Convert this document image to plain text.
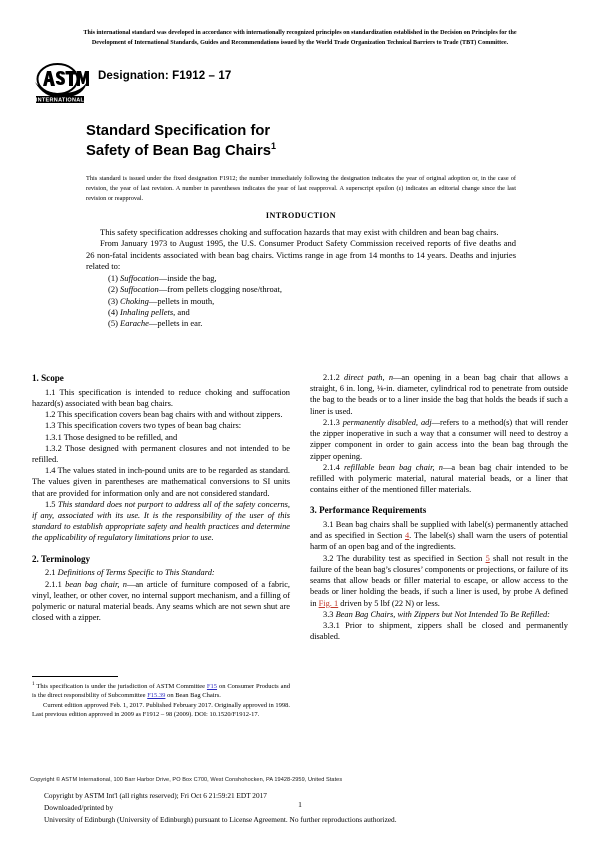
This international standard was developed in accordance with internationally recognized principles on standardization established in the Decision on Principles for the
Development of International Standards, Guides and Recommendations issued by the World Trade Organization Technical Barriers to Trade (TBT) Committee.
INTERNATIONAL
Designation: F1912 – 17
Standard Specification for
Safety of Bean Bag Chairs$^1$
This standard is issued under the fixed designation F1912; the number immediately following the designation indicates the year of original adoption or, in the case of revision, the year of last revision. A number in parentheses indicates the year of last reapproval. A superscript epsilon (ε) indicates an editorial change since the last revision or reapproval.
INTRODUCTION

This safety specification addresses choking and suffocation hazards that may exist with children and bean bag chairs.

From January 1973 to August 1995, the U.S. Consumer Product Safety Commission received reports of five deaths and 26 non-fatal incidents associated with bean bag chairs. Victims range in age from 14 months to 14 years. Deaths and injuries related to:

(1) Suffocation—inside the bag,
(2) Suffocation—from pellets clogging nose/throat,
(3) Choking—pellets in mouth,
(4) Inhaling pellets, and
(5) Earache—pellets in ear.
1. Scope

1.1 This specification is intended to reduce choking and suffocation hazard(s) associated with bean bag chairs.

1.2 This specification covers bean bag chairs with and without zippers.

1.3 This specification covers two types of bean bag chairs:

1.3.1 Those designed to be refilled, and

1.3.2 Those designed with permanent closures and not intended to be refilled.

1.4 The values stated in inch-pound units are to be regarded as standard. The values given in parentheses are mathematical conversions to SI units that are provided for information only and are not considered standard.

1.5 This standard does not purport to address all of the safety concerns, if any, associated with its use. It is the responsibility of the user of this standard to establish appropriate safety and health practices and determine the applicability of regulatory limitations prior to use.

2. Terminology

2.1 Definitions of Terms Specific to This Standard:

2.1.1 bean bag chair, n—an article of furniture composed of a fabric, vinyl, leather, or other cover, no internal support mechanism, and a filling of polymeric or natural material beads. Any seams which are not sewn shut are closed with a zipper.

2.1.2 direct path, n—an opening in a bean bag chair that allows a straight, 6 in. long, ⅛-in. diameter, cylindrical rod to penetrate from outside the bag to the beads or to a liner inside the bag that holds the beads if such a liner is used.

2.1.3 permanently disabled, adj—refers to a method(s) that will render the zipper inoperative in such a way that a consumer will need to destroy a zipper component in order to gain access into the bean bag through the zipper opening.

2.1.4 refillable bean bag chair, n—a bean bag chair intended to be refilled with polymeric material, natural material beads, or a liner that contains either of the mentioned filler materials.

3. Performance Requirements

3.1 Bean bag chairs shall be supplied with label(s) permanently attached and as specified in Section 4. The label(s) shall warn the users of potential harm of an open bag and of the ingredients.

3.2 The durability test as specified in Section 5 shall not result in the failure of the bean bag’s closures’ components or projections, or failure of its seams that allow beads or filler material to escape, or allow access to the beads or liner holding the beads, if such a liner is used, by probe A defined in Fig. 1 driven by 5 lbf (22 N) or less.

3.3 Bean Bag Chairs, with Zippers but Not Intended To Be Refilled:

3.3.1 Prior to shipment, zippers shall be closed and permanently disabled.

$^1$ This specification is under the jurisdiction of ASTM Committee F15 on Consumer Products and is the direct responsibility of Subcommittee F15.39 on Bean Bag Chairs.

Current edition approved Feb. 1, 2017. Published February 2017. Originally approved in 1998. Last previous edition approved in 2009 as F1912 – 98 (2009). DOI: 10.1520/F1912-17.

Copyright © ASTM International, 100 Barr Harbor Drive, PO Box C700, West Conshohocken, PA 19428-2959, United States
Copyright by ASTM Int'l (all rights reserved); Fri Oct 6 21:59:21 EDT 2017
Downloaded/printed by
University of Edinburgh (University of Edinburgh) pursuant to License Agreement. No further reproductions authorized.
1
